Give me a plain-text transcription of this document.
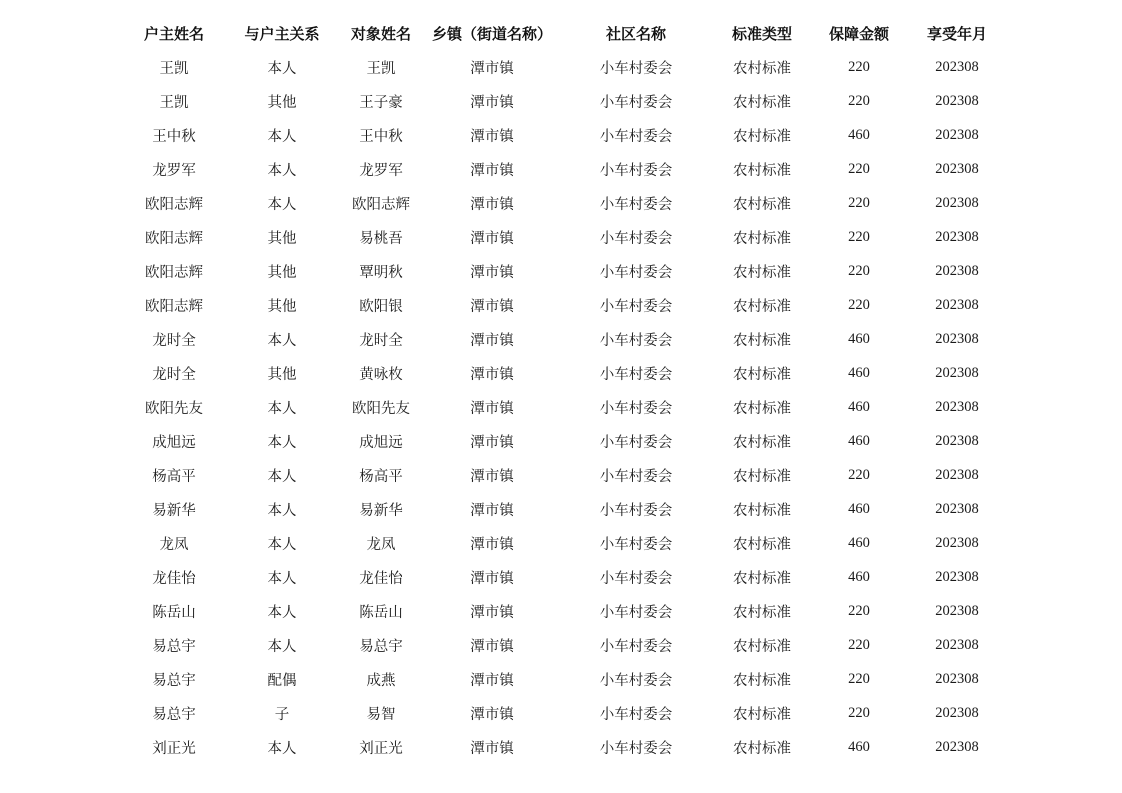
户主姓名	与户主关系	对象姓名	乡镇（街道名称）	社区名称	标准类型	保障金额	享受年月
王凯	本人	王凯	潭市镇	小车村委会	农村标准	220	202308
王凯	其他	王子豪	潭市镇	小车村委会	农村标准	220	202308
王中秋	本人	王中秋	潭市镇	小车村委会	农村标准	460	202308
龙罗军	本人	龙罗军	潭市镇	小车村委会	农村标准	220	202308
欧阳志辉	本人	欧阳志辉	潭市镇	小车村委会	农村标准	220	202308
欧阳志辉	其他	易桃吾	潭市镇	小车村委会	农村标准	220	202308
欧阳志辉	其他	覃明秋	潭市镇	小车村委会	农村标准	220	202308
欧阳志辉	其他	欧阳银	潭市镇	小车村委会	农村标准	220	202308
龙时全	本人	龙时全	潭市镇	小车村委会	农村标准	460	202308
龙时全	其他	黄咏枚	潭市镇	小车村委会	农村标准	460	202308
欧阳先友	本人	欧阳先友	潭市镇	小车村委会	农村标准	460	202308
成旭远	本人	成旭远	潭市镇	小车村委会	农村标准	460	202308
杨高平	本人	杨高平	潭市镇	小车村委会	农村标准	220	202308
易新华	本人	易新华	潭市镇	小车村委会	农村标准	460	202308
龙凤	本人	龙凤	潭市镇	小车村委会	农村标准	460	202308
龙佳怡	本人	龙佳怡	潭市镇	小车村委会	农村标准	460	202308
陈岳山	本人	陈岳山	潭市镇	小车村委会	农村标准	220	202308
易总宇	本人	易总宇	潭市镇	小车村委会	农村标准	220	202308
易总宇	配偶	成燕	潭市镇	小车村委会	农村标准	220	202308
易总宇	子	易智	潭市镇	小车村委会	农村标准	220	202308
刘正光	本人	刘正光	潭市镇	小车村委会	农村标准	460	202308
